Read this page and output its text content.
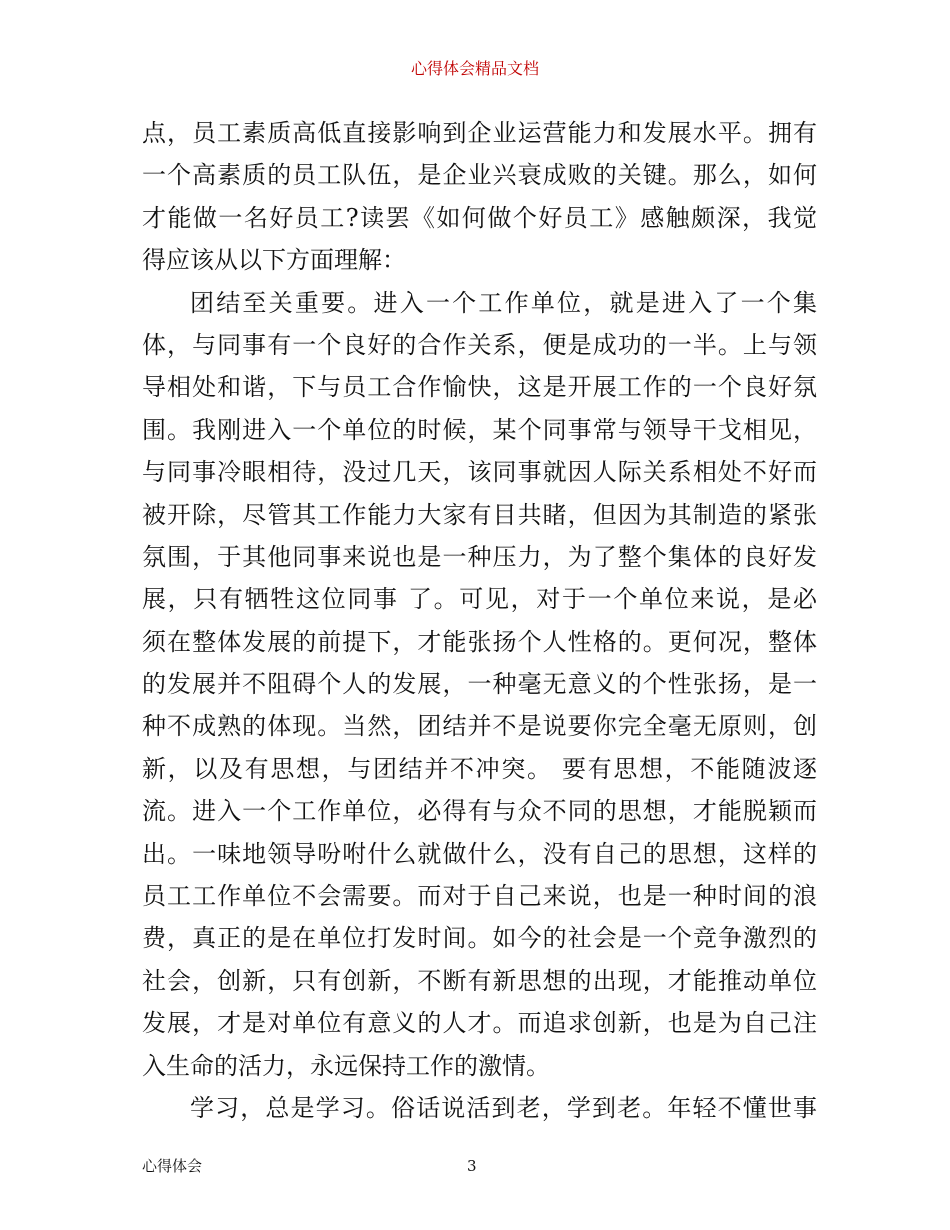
心得体会精品文档
点，员工素质高低直接影响到企业运营能力和发展水平。拥有
一个高素质的员工队伍，是企业兴衰成败的关键。那么，如何
才能做一名好员工?读罢《如何做个好员工》感触颇深，我觉
得应该从以下方面理解：
团结至关重要。进入一个工作单位，就是进入了一个集
体，与同事有一个良好的合作关系，便是成功的一半。上与领
导相处和谐，下与员工合作愉快，这是开展工作的一个良好氛
围。我刚进入一个单位的时候，某个同事常与领导干戈相见，
与同事冷眼相待，没过几天，该同事就因人际关系相处不好而
被开除，尽管其工作能力大家有目共睹，但因为其制造的紧张
氛围，于其他同事来说也是一种压力，为了整个集体的良好发
展，只有牺牲这位同事 了。可见，对于一个单位来说，是必
须在整体发展的前提下，才能张扬个人性格的。更何况，整体
的发展并不阻碍个人的发展，一种毫无意义的个性张扬，是一
种不成熟的体现。当然，团结并不是说要你完全毫无原则，创
新，以及有思想，与团结并不冲突。 要有思想，不能随波逐
流。进入一个工作单位，必得有与众不同的思想，才能脱颖而
出。一味地领导吩咐什么就做什么，没有自己的思想，这样的
员工工作单位不会需要。而对于自己来说，也是一种时间的浪
费，真正的是在单位打发时间。如今的社会是一个竞争激烈的
社会，创新，只有创新，不断有新思想的出现，才能推动单位
发展，才是对单位有意义的人才。而追求创新，也是为自己注
入生命的活力，永远保持工作的激情。
学习，总是学习。俗话说活到老，学到老。年轻不懂世事
心得体会	3
